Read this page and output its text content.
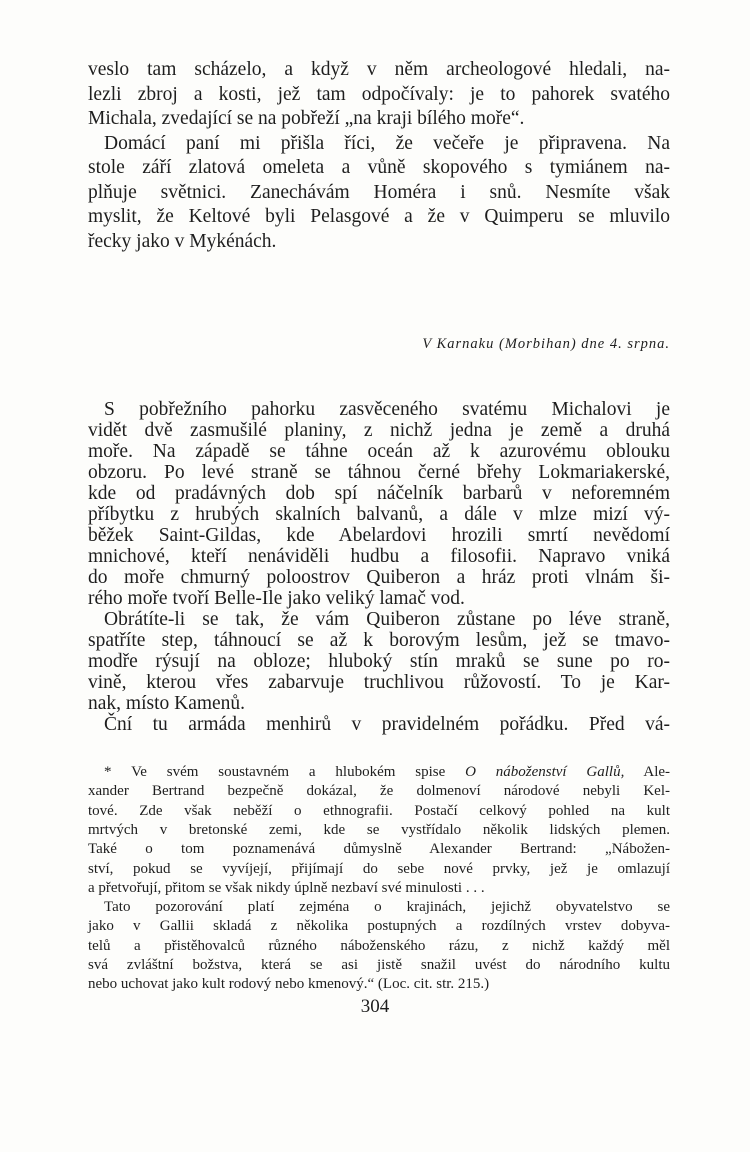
veslo tam scházelo, a když v něm archeologové hledali, na-
lezli zbroj a kosti, jež tam odpočívaly: je to pahorek svatého
Michala, zvedající se na pobřeží „na kraji bílého moře“.
Domácí paní mi přišla říci, že večeře je připravena. Na
stole září zlatová omeleta a vůně skopového s tymiánem na-
plňuje světnici. Zanechávám Homéra i snů. Nesmíte však
myslit, že Keltové byli Pelasgové a že v Quimperu se mluvilo
řecky jako v Mykénách.
V Karnaku (Morbihan) dne 4. srpna.
S pobřežního pahorku zasvěceného svatému Michalovi je
vidět dvě zasmušilé planiny, z nichž jedna je země a druhá
moře. Na západě se táhne oceán až k azurovému oblouku
obzoru. Po levé straně se táhnou černé břehy Lokmariakerské,
kde od pradávných dob spí náčelník barbarů v neforemném
příbytku z hrubých skalních balvanů, a dále v mlze mizí vý-
běžek Saint-Gildas, kde Abelardovi hrozili smrtí nevědomí
mnichové, kteří nenáviděli hudbu a filosofii. Napravo vniká
do moře chmurný poloostrov Quiberon a hráz proti vlnám ši-
rého moře tvoří Belle-Ile jako veliký lamač vod.
Obrátíte-li se tak, že vám Quiberon zůstane po léve straně,
spatříte step, táhnoucí se až k borovým lesům, jež se tmavo-
modře rýsují na obloze; hluboký stín mraků se sune po ro-
vině, kterou vřes zabarvuje truchlivou růžovostí. To je Kar-
nak, místo Kamenů.
Ční tu armáda menhirů v pravidelném pořádku. Před vá-
* Ve svém soustavném a hlubokém spise O náboženství Gallů, Ale-
xander Bertrand bezpečně dokázal, že dolmenoví národové nebyli Kel-
tové. Zde však neběží o ethnografii. Postačí celkový pohled na kult
mrtvých v bretonské zemi, kde se vystřídalo několik lidských plemen.
Také o tom poznamenává důmyslně Alexander Bertrand: „Nábožen-
ství, pokud se vyvíjejí, přijímají do sebe nové prvky, jež je omlazují
a přetvořují, přitom se však nikdy úplně nezbaví své minulosti . . .
Tato pozorování platí zejména o krajinách, jejichž obyvatelstvo se
jako v Gallii skladá z několika postupných a rozdílných vrstev dobyva-
telů a přistěhovalců různého náboženského rázu, z nichž každý měl
svá zvláštní božstva, která se asi jistě snažil uvést do národního kultu
nebo uchovat jako kult rodový nebo kmenový.“ (Loc. cit. str. 215.)
304
